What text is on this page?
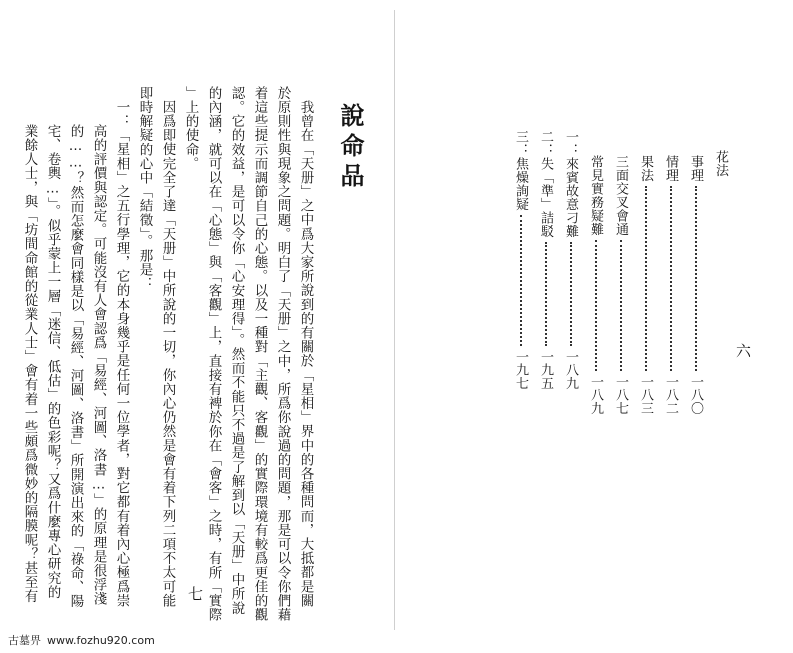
說命品
我曾在「天册」之中爲大家所說到的有關於「星相」界中的各種問而，大抵都是關
於原則性與現象之問題。明白了「天册」之中，所爲你說過的問題，那是可以令你們藉
着這些提示而調節自己的心態。以及一種對「主觀、客觀」的實際環境有較爲更佳的觀
認。它的效益，是可以令你「心安理得」。然而不能只不過是了解到以「天册」中所說
的內涵，就可以在「心態」與「客觀」上，直接有裨於你在「會客」之時，有所「實際
」上的使命。
因爲即使完全了達「天册」中所說的一切，你內心仍然是會有着下列二項不太可能
即時解疑的心中「結徵」。那是：
一：「星相」之五行學理，它的本身幾乎是任何一位學者，對它都有着內心極爲崇
高的評價與認定。可能沒有人會認爲「易經、河圖、洛書…」的原理是很浮淺
的……？然而怎麼會同樣是以「易經、河圖、洛書」所開演出來的「祿命、陽
宅、卷輿…」。似乎蒙上一層「迷信、低估」的色彩呢？又爲什麼專心研究的
業餘人士，與「坊間命館的從業人士」會有着一些頗爲微妙的隔膜呢？甚至有	七
花法
事理
一八〇
情理
一八二
果法
一八三
三面交叉會通
一八七
常見實務疑難
一八九
一：來賓故意刁難
一八九
二：失「準」詰駁
一九五
三：焦燥詢疑
一九七	六
古墓畀 www.fozhu920.com
